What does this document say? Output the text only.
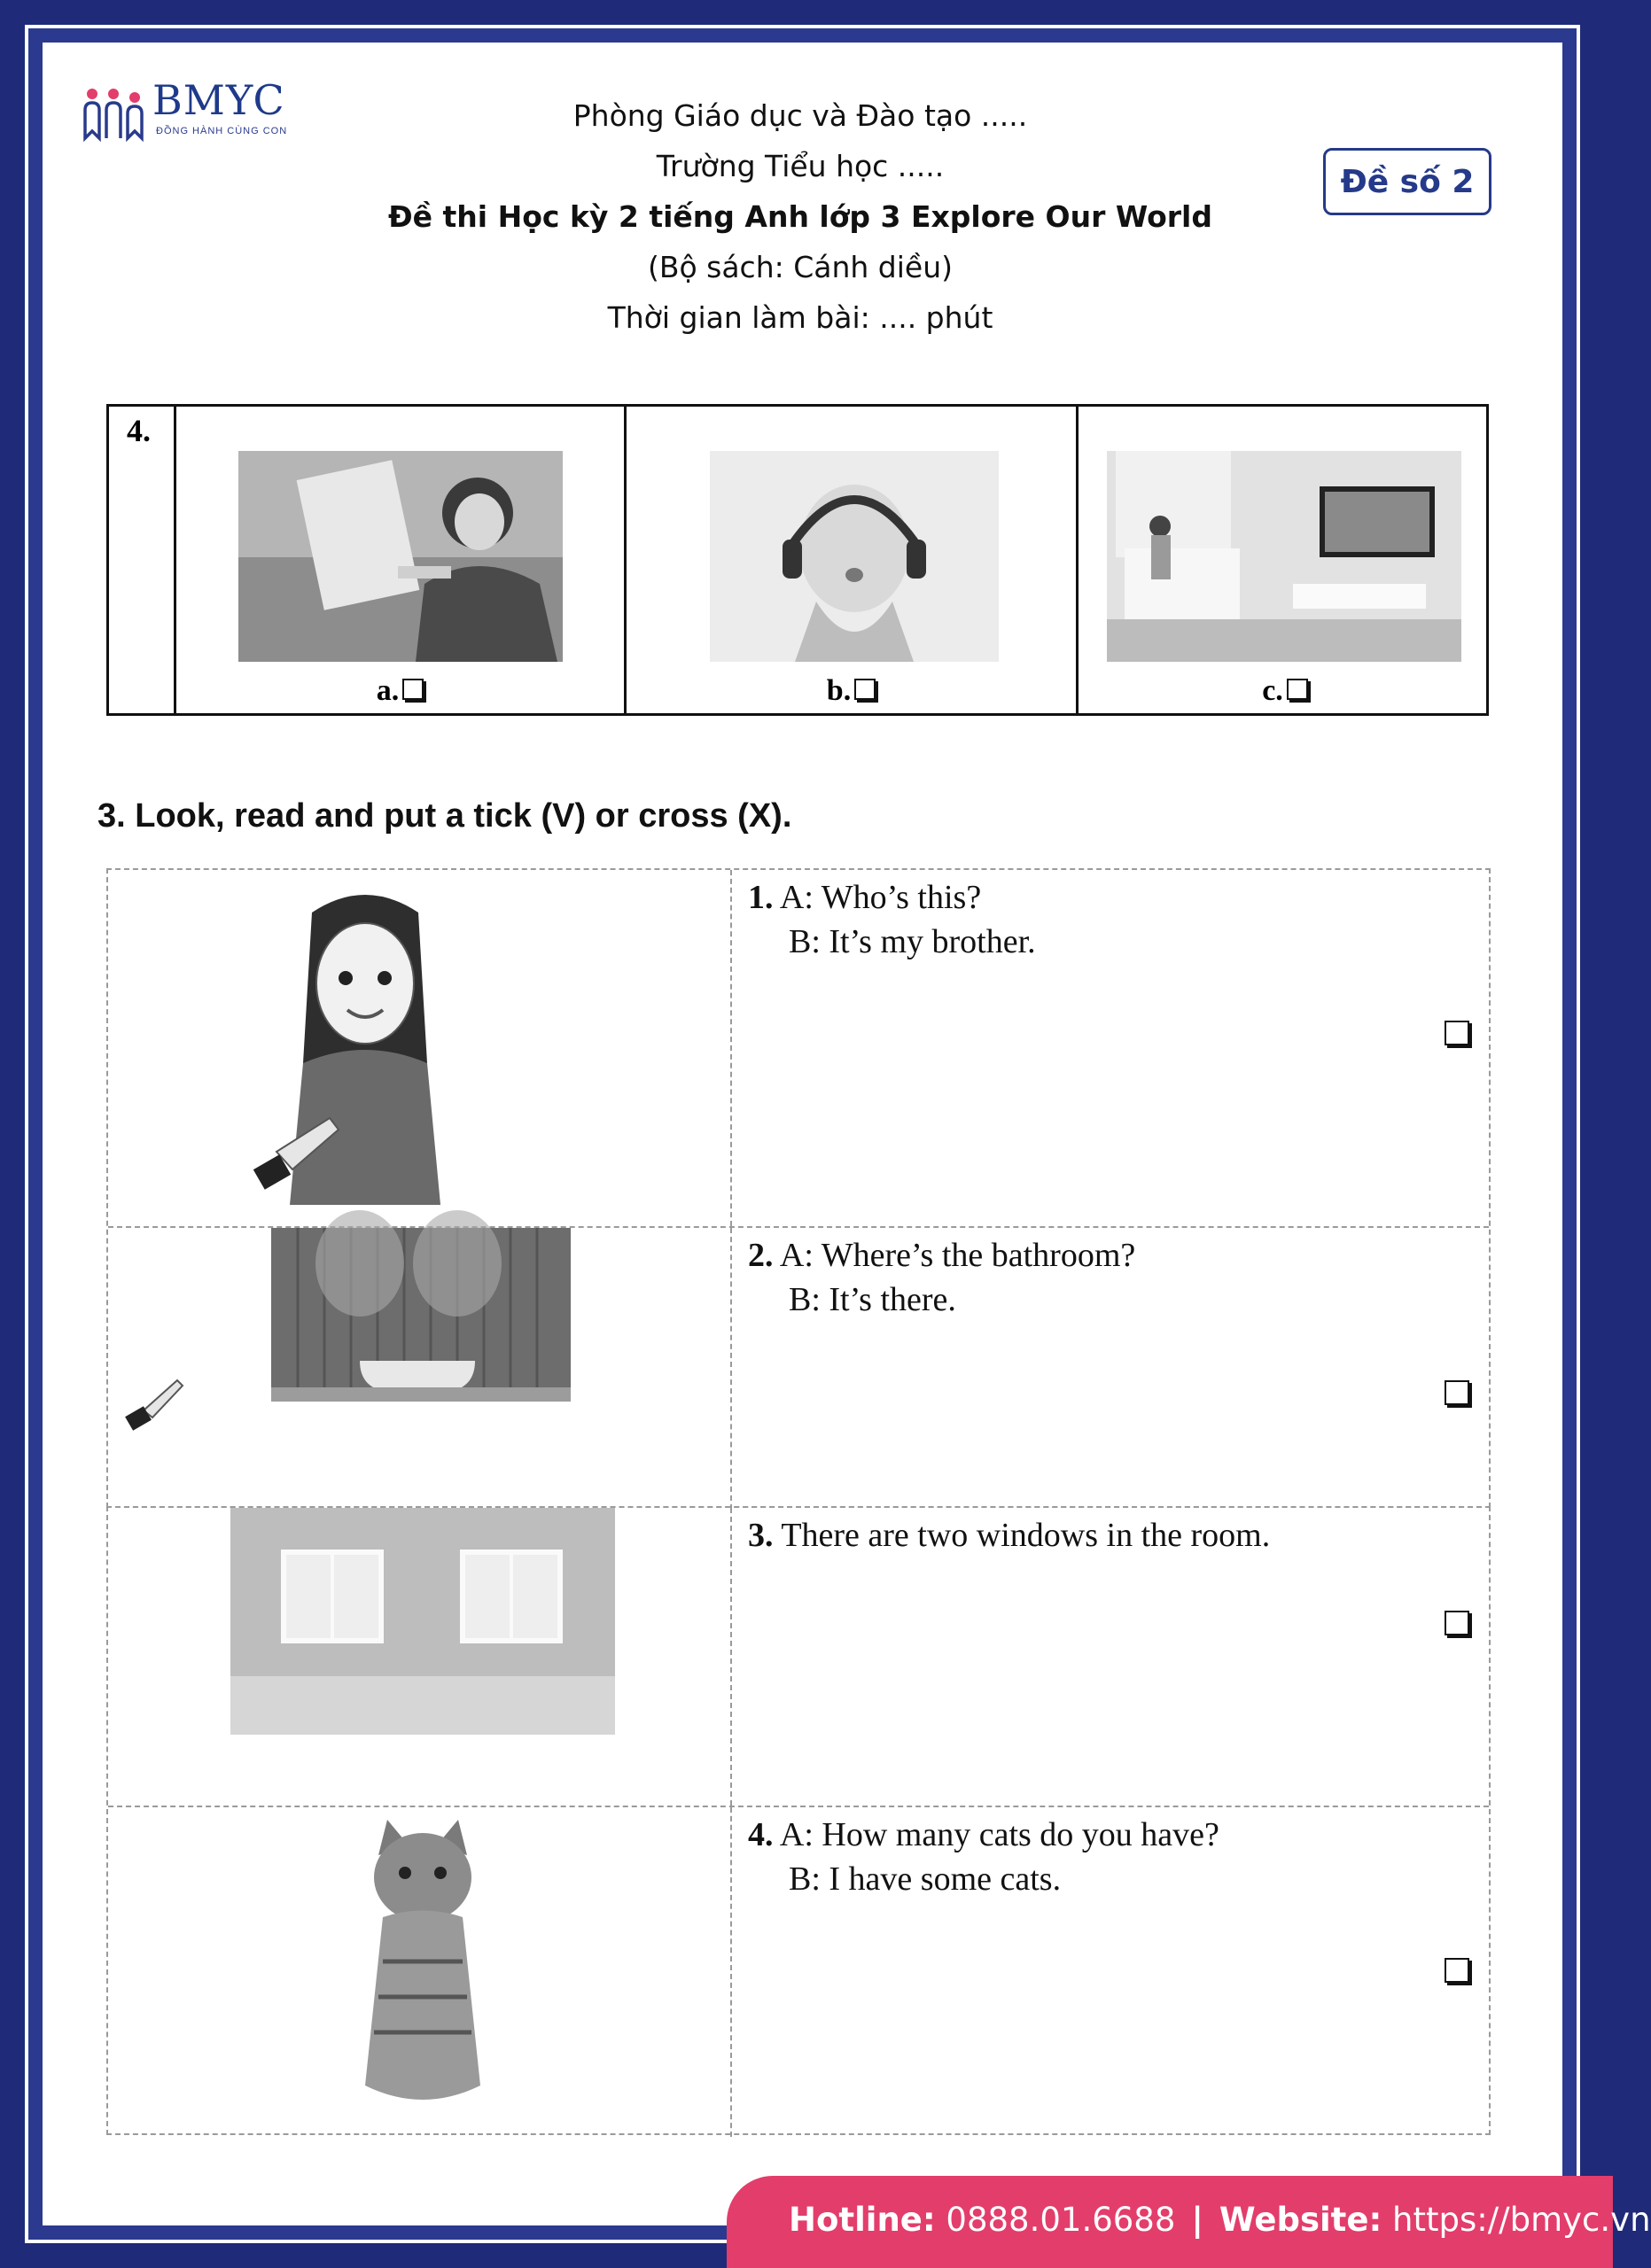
BMYC
ĐỒNG HÀNH CÙNG CON	Phòng Giáo dục và Đào tạo .....
Trường Tiểu học .....
Đề thi Học kỳ 2 tiếng Anh lớp 3 Explore Our World
(Bộ sách: Cánh diều)
Thời gian làm bài: .... phút
Đề số 2
4.
a.	b.	c.
3. Look, read and put a tick (V) or cross (X).
1. A: Who’s this?
B: It’s my brother.
2. A: Where’s the bathroom?
B: It’s there.
3. There are two windows in the room.
4. A: How many cats do you have?
B: I have some cats.
Hotline: 0888.01.6688 | Website: https://bmyc.vn
